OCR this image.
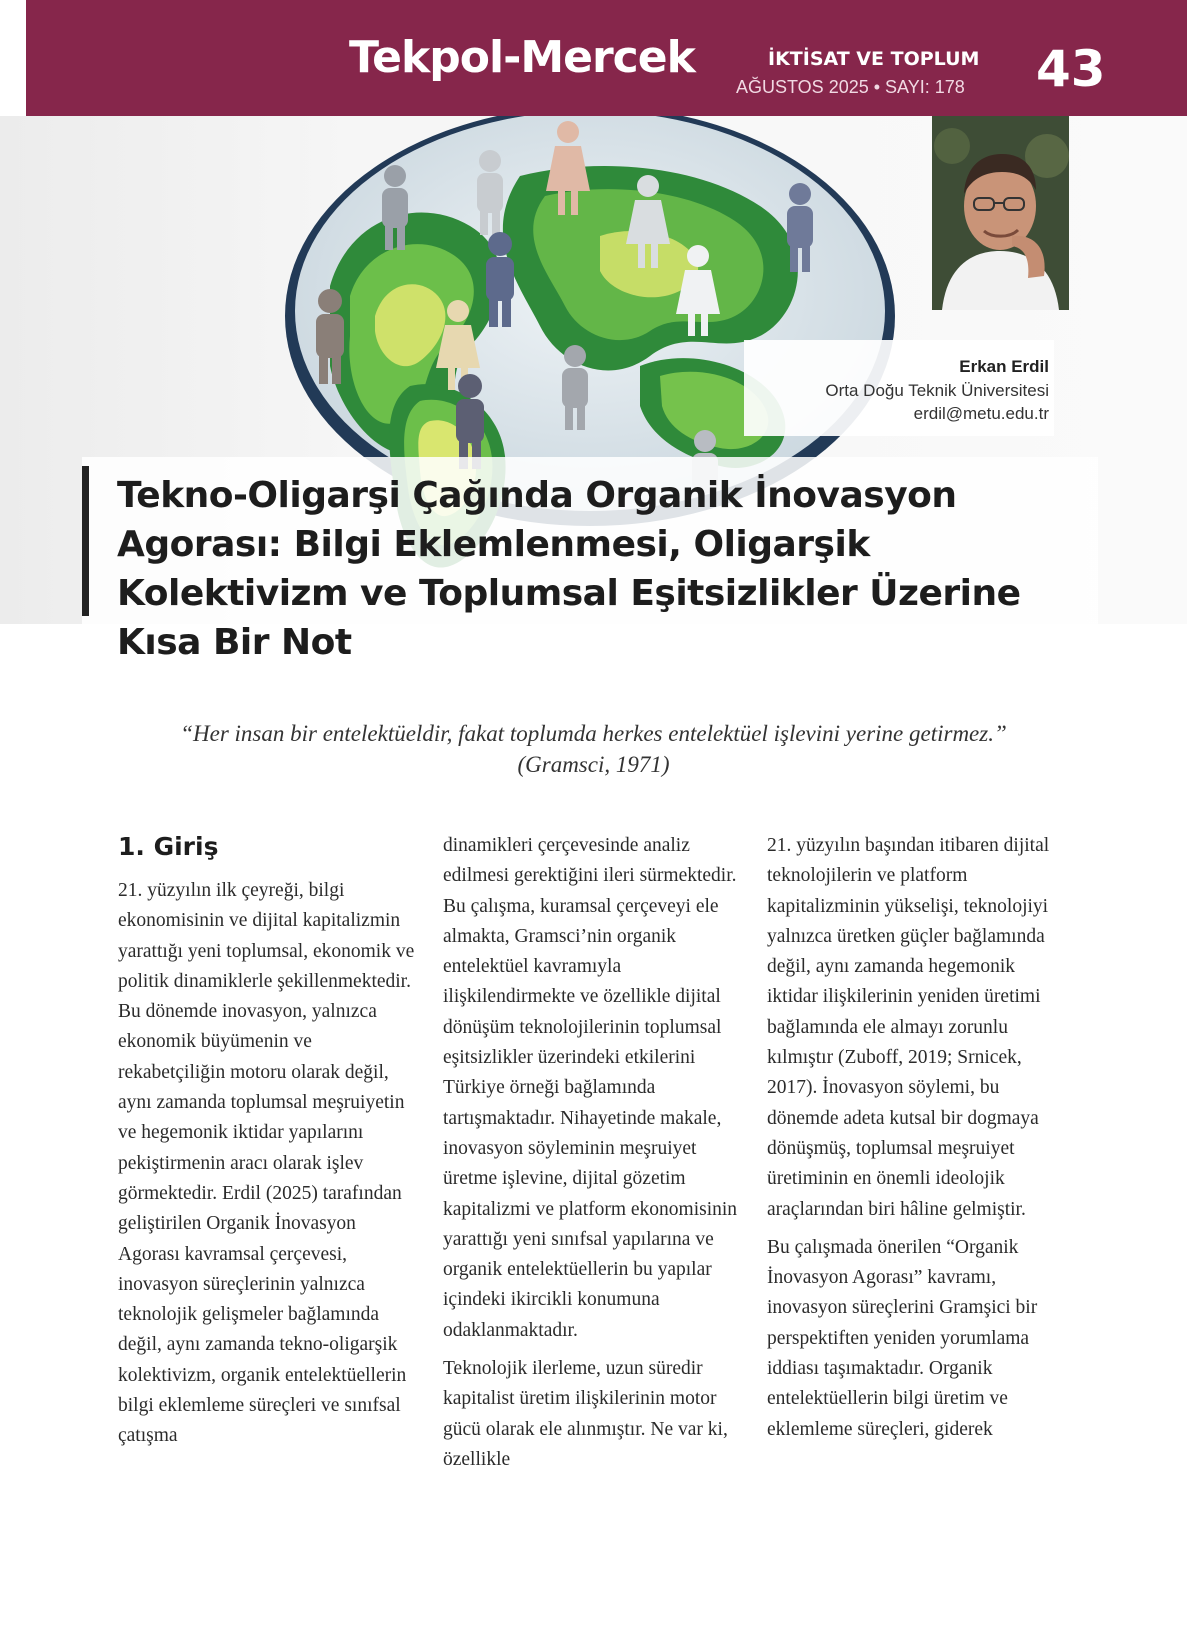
Tekpol-Mercek	İKTİSAT VE TOPLUM
AĞUSTOS 2025 • SAYI: 178 43
Erkan Erdil
Orta Doğu Teknik Üniversitesi
erdil@metu.edu.tr
Tekno-Oligarşi Çağında Organik İnovasyon Agorası: Bilgi Eklemlenmesi, Oligarşik Kolektivizm ve Toplumsal Eşitsizlikler Üzerine Kısa Bir Not
“Her insan bir entelektüeldir, fakat toplumda herkes entelektüel işlevini yerine getirmez.”
(Gramsci, 1971)
1. Giriş

21. yüzyılın ilk çeyreği, bilgi ekonomisinin ve dijital kapitalizmin yarattığı yeni toplumsal, ekonomik ve politik dinamiklerle şekillenmektedir. Bu dönemde inovasyon, yalnızca ekonomik büyümenin ve rekabetçiliğin motoru olarak değil, aynı zamanda toplumsal meşruiyetin ve hegemonik iktidar yapılarını pekiştirmenin aracı olarak işlev görmektedir. Erdil (2025) tarafından geliştirilen Organik İnovasyon Agorası kavramsal çerçevesi, inovasyon süreçlerinin yalnızca teknolojik gelişmeler bağlamında değil, aynı zamanda tekno-oligarşik kolektivizm, organik entelektüellerin bilgi eklemleme süreçleri ve sınıfsal çatışma

dinamikleri çerçevesinde analiz edilmesi gerektiğini ileri sürmektedir. Bu çalışma, kuramsal çerçeveyi ele almakta, Gramsci’nin organik entelektüel kavramıyla ilişkilendirmekte ve özellikle dijital dönüşüm teknolojilerinin toplumsal eşitsizlikler üzerindeki etkilerini Türkiye örneği bağlamında tartışmaktadır. Nihayetinde makale, inovasyon söyleminin meşruiyet üretme işlevine, dijital gözetim kapitalizmi ve platform ekonomisinin yarattığı yeni sınıfsal yapılarına ve organik entelektüellerin bu yapılar içindeki ikircikli konumuna odaklanmaktadır.

Teknolojik ilerleme, uzun süredir kapitalist üretim ilişkilerinin motor gücü olarak ele alınmıştır. Ne var ki, özellikle

21. yüzyılın başından itibaren dijital teknolojilerin ve platform kapitalizminin yükselişi, teknolojiyi yalnızca üretken güçler bağlamında değil, aynı zamanda hegemonik iktidar ilişkilerinin yeniden üretimi bağlamında ele almayı zorunlu kılmıştır (Zuboff, 2019; Srnicek, 2017). İnovasyon söylemi, bu dönemde adeta kutsal bir dogmaya dönüşmüş, toplumsal meşruiyet üretiminin en önemli ideolojik araçlarından biri hâline gelmiştir.

Bu çalışmada önerilen “Organik İnovasyon Agorası” kavramı, inovasyon süreçlerini Gramşici bir perspektiften yeniden yorumlama iddiası taşımaktadır. Organik entelektüellerin bilgi üretim ve eklemleme süreçleri, giderek
